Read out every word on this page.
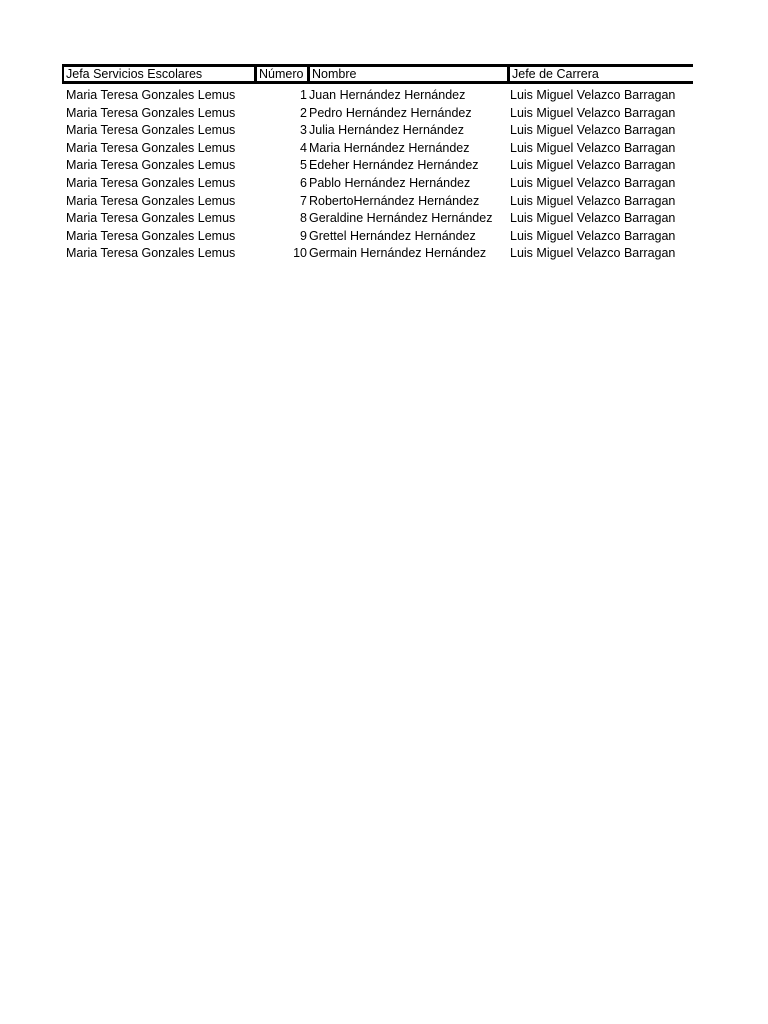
Jefa Servicios Escolares	Número Nombre	Jefe de Carrera
Maria Teresa Gonzales Lemus	1 Juan Hernández Hernández	Luis Miguel Velazco Barragan
Maria Teresa Gonzales Lemus	2 Pedro Hernández Hernández	Luis Miguel Velazco Barragan
Maria Teresa Gonzales Lemus	3 Julia Hernández Hernández	Luis Miguel Velazco Barragan
Maria Teresa Gonzales Lemus	4 Maria Hernández Hernández	Luis Miguel Velazco Barragan
Maria Teresa Gonzales Lemus	5 Edeher Hernández Hernández	Luis Miguel Velazco Barragan
Maria Teresa Gonzales Lemus	6 Pablo Hernández Hernández	Luis Miguel Velazco Barragan
Maria Teresa Gonzales Lemus	7 RobertoHernández Hernández	Luis Miguel Velazco Barragan
Maria Teresa Gonzales Lemus	8 Geraldine Hernández Hernández	Luis Miguel Velazco Barragan
Maria Teresa Gonzales Lemus	9 Grettel Hernández Hernández	Luis Miguel Velazco Barragan
Maria Teresa Gonzales Lemus	10 Germain Hernández Hernández	Luis Miguel Velazco Barragan
